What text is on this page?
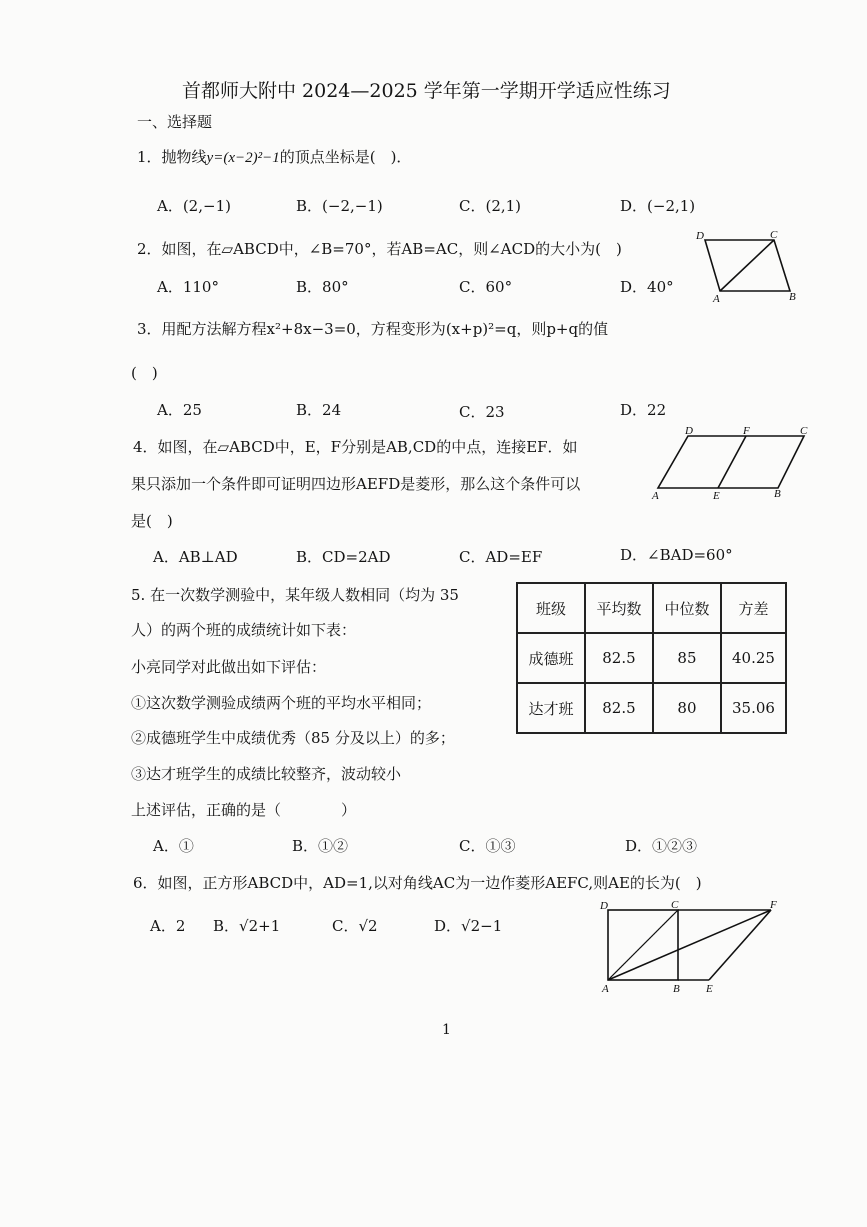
首都师大附中 2024—2025 学年第一学期开学适应性练习
一、选择题
1．抛物线y=(x−2)²−1的顶点坐标是(　)．
A．(2,−1)	B．(−2,−1)	C．(2,1)	D．(−2,1)
2．如图，在▱ABCD中，∠B=70°，若AB=AC，则∠ACD的大小为(　)
A．110°	B．80°	C．60°	D．40°
D	C
A	B
3．用配方法解方程x²+8x−3=0，方程变形为(x+p)²=q，则p+q的值
(　)
A．25	B．24	C．23	D．22
4．如图，在▱ABCD中，E，F分别是AB,CD的中点，连接EF．如
果只添加一个条件即可证明四边形AEFD是菱形，那么这个条件可以
是(　)
A．AB⊥AD	B．CD=2AD	C．AD=EF	D．∠BAD=60°
D	F	C
A	E	B
5. 在一次数学测验中，某年级人数相同（均为 35
人）的两个班的成绩统计如下表：
小亮同学对此做出如下评估：
①这次数学测验成绩两个班的平均水平相同；
②成德班学生中成绩优秀（85 分及以上）的多；
③达才班学生的成绩比较整齐，波动较小
上述评估，正确的是（　　　　）
班级	平均数	中位数	方差
成德班	82.5	85	40.25
达才班	82.5	80	35.06
A．①	B．①②	C．①③	D．①②③
6．如图，正方形ABCD中，AD=1,以对角线AC为一边作菱形AEFC,则AE的长为(　)
A．2 B．√2+1	C．√2	D．√2−1
D	C	F
A	B E
1
